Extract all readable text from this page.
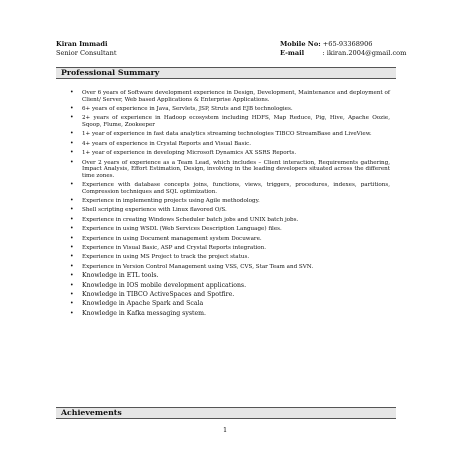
Kiran Immadi
Senior Consultant
Mobile No: +65-93368906
E-mail	: ikiran.2004@gmail.com
Professional Summary
• Over 6 years of Software development experience in Design, Development, Maintenance and deployment of Client/ Server, Web based Applications & Enterprise Applications.
• 6+ years of experience in Java, Servlets, JSP, Struts and EJB technologies.
• 2+ years of experience in Hadoop ecosystem including HDFS, Map Reduce, Pig, Hive, Apache Oozie, Sqoop, Flume, Zookeeper
• 1+ year of experience in fast data analytics streaming technologies TIBCO StreamBase and LiveView.
• 4+ years of experience in Crystal Reports and Visual Basic.
• 1+ year of experience in developing Microsoft Dynamics AX SSRS Reports.
• Over 2 years of experience as a Team Lead, which includes – Client interaction, Requirements gathering, Impact Analysis, Effort Estimation, Design, involving in the leading developers situated across the different time zones.
• Experience with database concepts joins, functions, views, triggers, procedures, indexes, partitions, Compression techniques and SQL optimization.
• Experience in implementing projects using Agile methodology.
• Shell scripting experience with Linux flavored O/S.
• Experience in creating Windows Scheduler batch jobs and UNIX batch jobs.
• Experience in using WSDL (Web Services Description Language) files.
• Experience in using Document management system Docuware.
• Experience in Visual Basic, ASP and Crystal Reports integration.
• Experience in using MS Project to track the project status.
• Experience in Version Control Management using VSS, CVS, Star Team and SVN.
• Knowledge in ETL tools.
• Knowledge in IOS mobile development applications.
• Knowledge in TIBCO ActiveSpaces and Spotfire.
• Knowledge in Apache Spark and Scala
• Knowledge in Kafka messaging system.
Achievements
1
